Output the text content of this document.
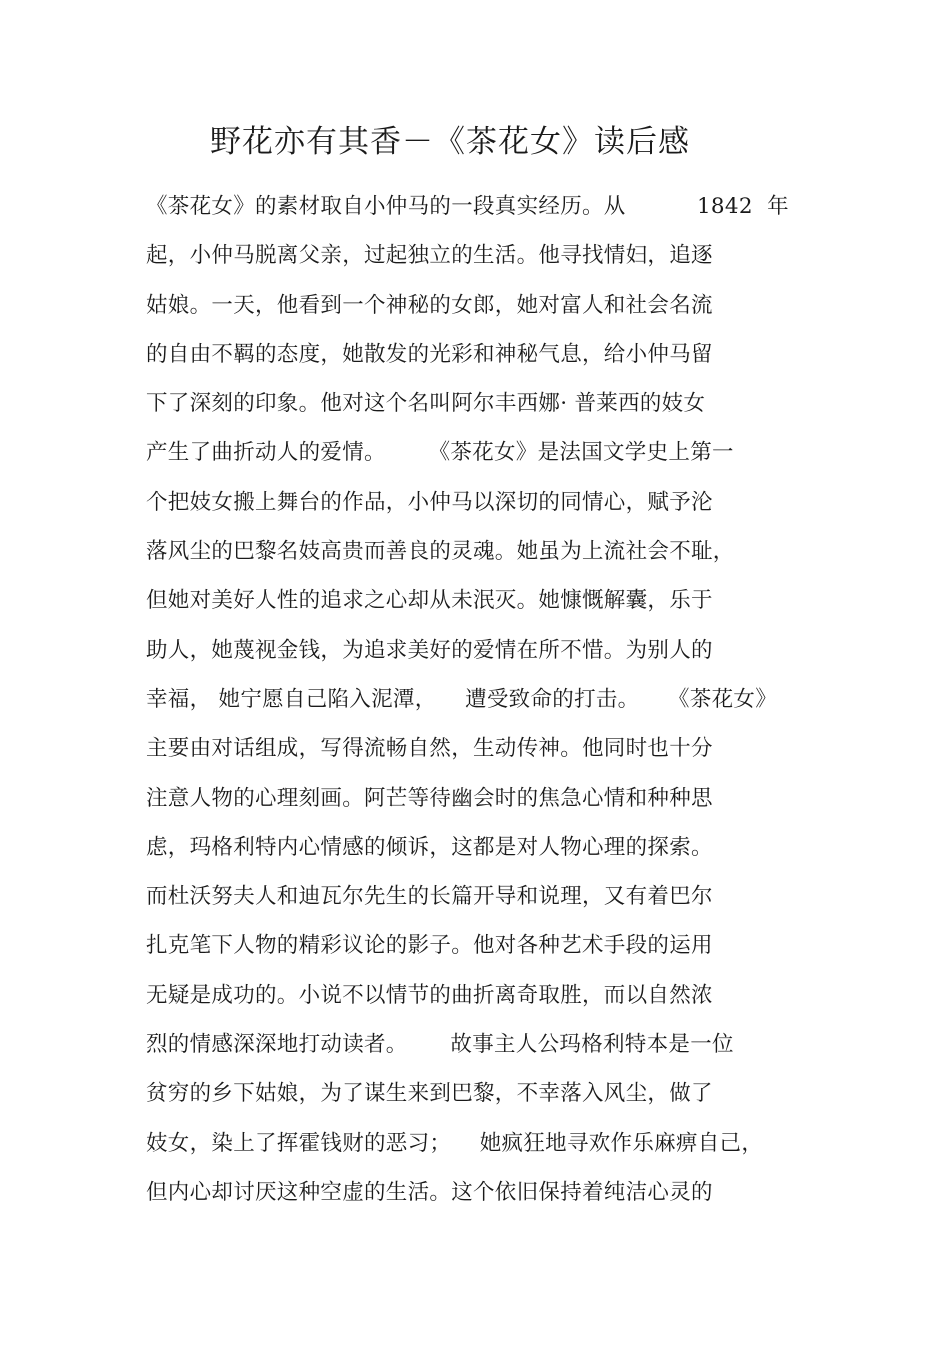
野花亦有其香－《茶花女》读后感
《茶花女》的素材取自小仲马的一段真实经历。从          1842  年
起，小仲马脱离父亲，过起独立的生活。他寻找情妇，追逐
姑娘。一天，他看到一个神秘的女郎，她对富人和社会名流
的自由不羁的态度，她散发的光彩和神秘气息，给小仲马留
下了深刻的印象。他对这个名叫阿尔丰西娜· 普莱西的妓女
产生了曲折动人的爱情。      《茶花女》是法国文学史上第一
个把妓女搬上舞台的作品，小仲马以深切的同情心，赋予沦
落风尘的巴黎名妓高贵而善良的灵魂。她虽为上流社会不耻，
但她对美好人性的追求之心却从未泯灭。她慷慨解囊，乐于
助人，她蔑视金钱，为追求美好的爱情在所不惜。为别人的
幸福， 她宁愿自己陷入泥潭，    遭受致命的打击。    《茶花女》
主要由对话组成，写得流畅自然，生动传神。他同时也十分
注意人物的心理刻画。阿芒等待幽会时的焦急心情和种种思
虑，玛格利特内心情感的倾诉，这都是对人物心理的探索。
而杜沃努夫人和迪瓦尔先生的长篇开导和说理，又有着巴尔
扎克笔下人物的精彩议论的影子。他对各种艺术手段的运用
无疑是成功的。小说不以情节的曲折离奇取胜，而以自然浓
烈的情感深深地打动读者。      故事主人公玛格利特本是一位
贫穷的乡下姑娘，为了谋生来到巴黎，不幸落入风尘，做了
妓女，染上了挥霍钱财的恶习；    她疯狂地寻欢作乐麻痹自己，
但内心却讨厌这种空虚的生活。这个依旧保持着纯洁心灵的
